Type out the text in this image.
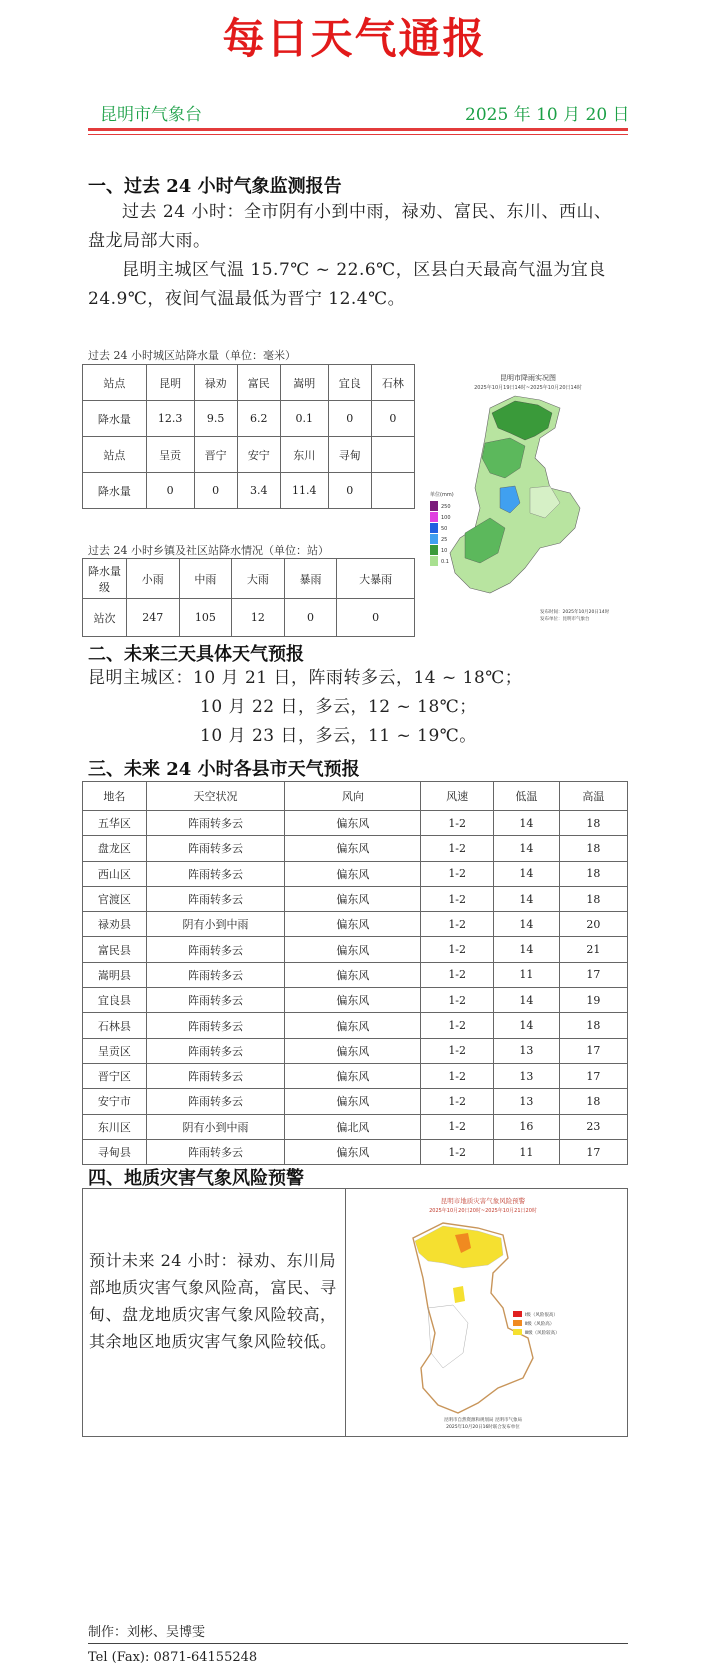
每日天气通报
昆明市气象台	2025 年 10 月 20 日
一、过去 24 小时气象监测报告
过去 24 小时：全市阴有小到中雨，禄劝、富民、东川、西山、盘龙局部大雨。
昆明主城区气温 15.7℃ ~ 22.6℃，区县白天最高气温为宜良 24.9℃，夜间气温最低为晋宁 12.4℃。
过去 24 小时城区站降水量（单位：毫米）
站点	昆明	禄劝	富民	嵩明	宜良	石林
降水量	12.3	9.5	6.2	0.1	0	0
站点	呈贡	晋宁	安宁	东川	寻甸	
降水量	0	0	3.4	11.4	0	
过去 24 小时乡镇及社区站降水情况（单位：站）
降水量级	小雨	中雨	大雨	暴雨	大暴雨
站次	247	105	12	0	0
昆明市降雨实况图
2025年10月19日14时~2025年10月20日14时
单位(mm)
250
100
50
25
10
0.1
发布时间：2025年10月20日14时
发布单位：昆明市气象台
二、未来三天具体天气预报
昆明主城区：10 月 21 日，阵雨转多云，14 ~ 18℃；
10 月 22 日，多云，12 ~ 18℃；
10 月 23 日，多云，11 ~ 19℃。
三、未来 24 小时各县市天气预报
地名	天空状况	风向	风速	低温	高温
五华区	阵雨转多云	偏东风	1-2	14	18
盘龙区	阵雨转多云	偏东风	1-2	14	18
西山区	阵雨转多云	偏东风	1-2	14	18
官渡区	阵雨转多云	偏东风	1-2	14	18
禄劝县	阴有小到中雨	偏东风	1-2	14	20
富民县	阵雨转多云	偏东风	1-2	14	21
嵩明县	阵雨转多云	偏东风	1-2	11	17
宜良县	阵雨转多云	偏东风	1-2	14	19
石林县	阵雨转多云	偏东风	1-2	14	18
呈贡区	阵雨转多云	偏东风	1-2	13	17
晋宁区	阵雨转多云	偏东风	1-2	13	17
安宁市	阵雨转多云	偏东风	1-2	13	18
东川区	阴有小到中雨	偏北风	1-2	16	23
寻甸县	阵雨转多云	偏东风	1-2	11	17
四、地质灾害气象风险预警
预计未来 24 小时：禄劝、东川局部地质灾害气象风险高，富民、寻甸、盘龙地质灾害气象风险较高，其余地区地质灾害气象风险较低。
昆明市地质灾害气象风险预警
2025年10月20日20时~2025年10月21日20时
Ⅰ级（风险很高）
Ⅱ级（风险高）
Ⅲ级（风险较高）
昆明市自然资源和规划局 昆明市气象局
2025年10月20日16时联合发布单位
制作：刘彬、吴博雯
Tel (Fax): 0871-64155248
